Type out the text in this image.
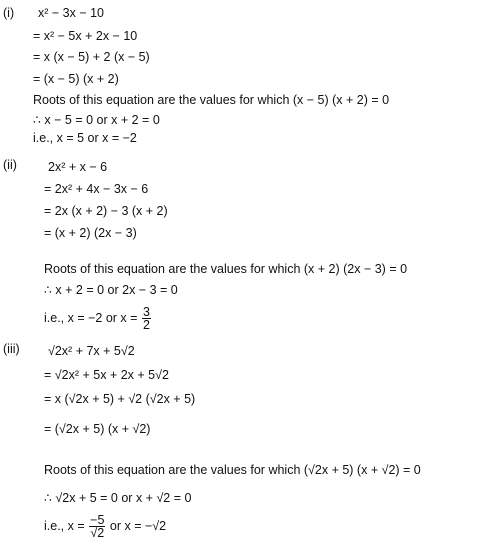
(i) x² − 3x − 10
= x² − 5x + 2x − 10
= x (x − 5) + 2 (x − 5)
= (x − 5) (x + 2)
Roots of this equation are the values for which (x − 5) (x + 2) = 0
∴ x − 5 = 0 or x + 2 = 0
i.e., x = 5 or x = −2
(ii) 2x² + x − 6
= 2x² + 4x − 3x − 6
= 2x (x + 2) − 3 (x + 2)
= (x + 2) (2x − 3)
Roots of this equation are the values for which (x + 2) (2x − 3) = 0
∴ x + 2 = 0 or 2x − 3 = 0
i.e., x = −2 or $x = \frac{3}{2}$
(iii) √2x² + 7x + 5√2
= √2x² + 5x + 2x + 5√2
= x (√2x + 5) + √2 (√2x + 5)
= (√2x + 5) (x + √2)
Roots of this equation are the values for which (√2x + 5) (x + √2) = 0
∴ √2x + 5 = 0 or x + √2 = 0
i.e., $x = \frac{-5}{√2}$ or x = −√2
